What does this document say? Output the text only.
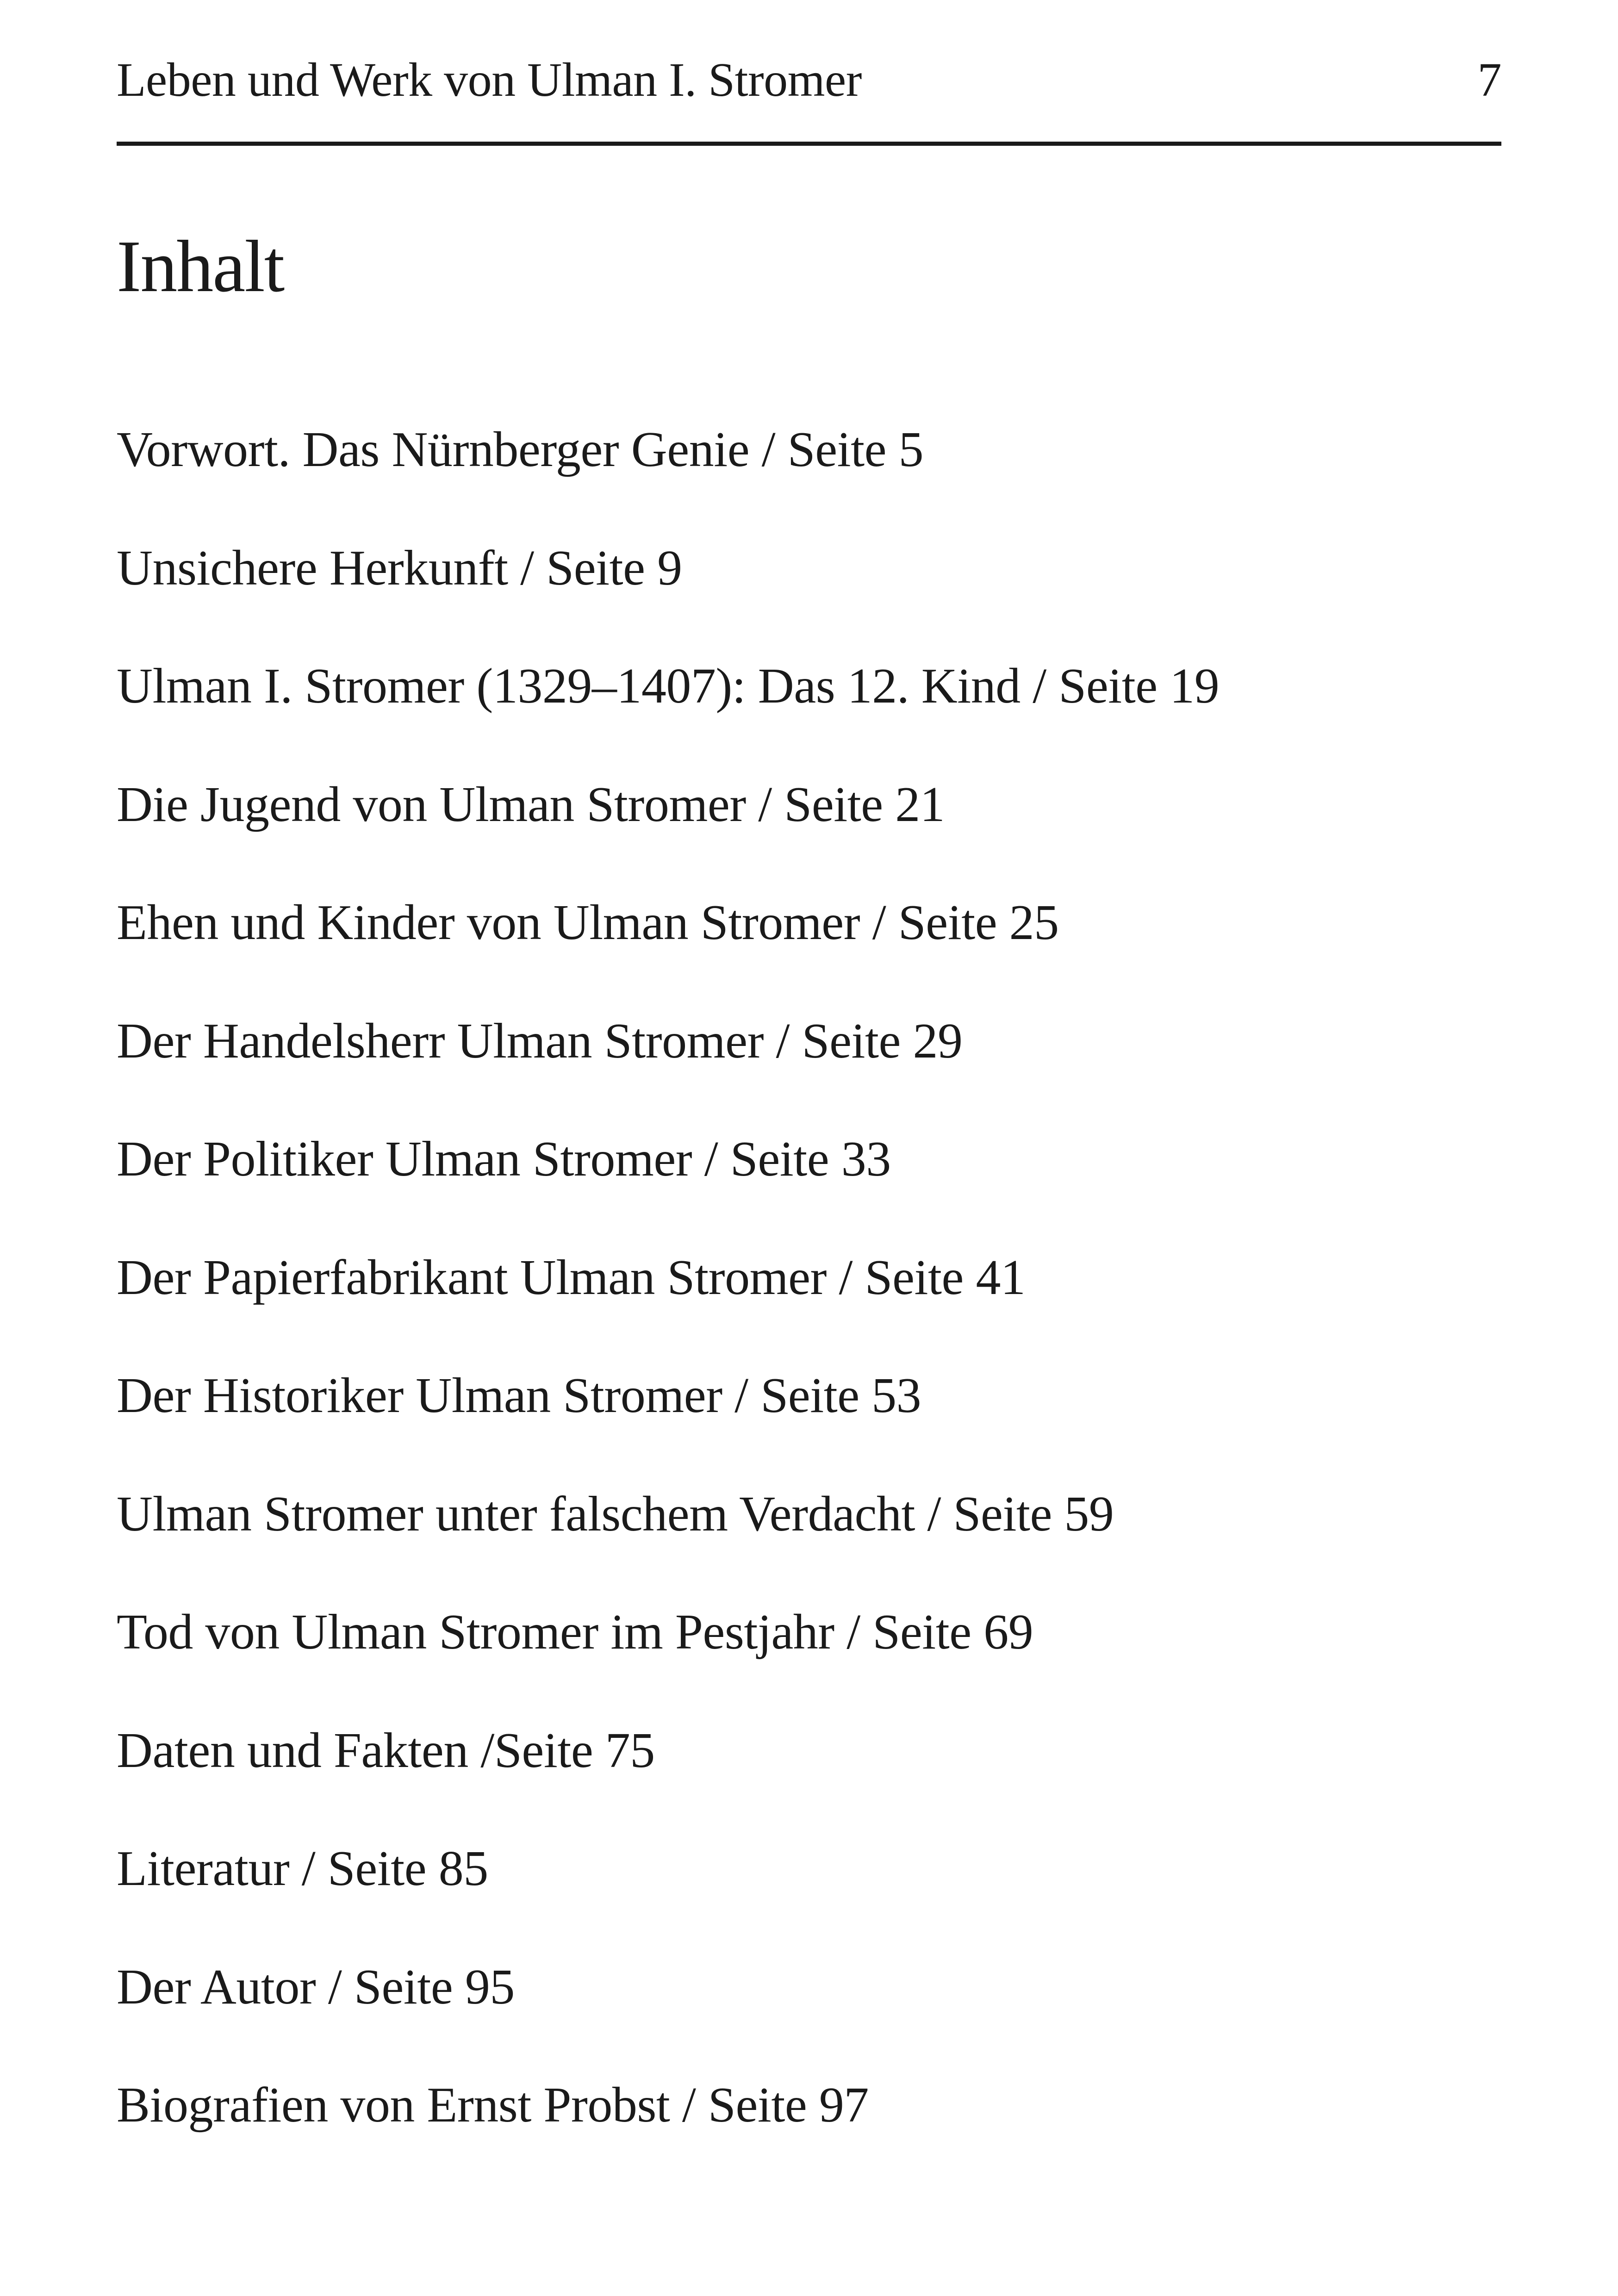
Leben und Werk von Ulman I. Stromer	7
Inhalt
Vorwort. Das Nürnberger Genie / Seite 5
Unsichere Herkunft / Seite 9
Ulman I. Stromer (1329–1407): Das 12. Kind / Seite 19
Die Jugend von Ulman Stromer / Seite 21
Ehen und Kinder von Ulman Stromer / Seite 25
Der Handelsherr Ulman Stromer / Seite 29
Der Politiker Ulman Stromer / Seite 33
Der Papierfabrikant Ulman Stromer / Seite 41
Der Historiker Ulman Stromer / Seite 53
Ulman Stromer unter falschem Verdacht / Seite 59
Tod von Ulman Stromer im Pestjahr / Seite 69
Daten und Fakten /Seite 75
Literatur / Seite 85
Der Autor / Seite 95
Biografien von Ernst Probst / Seite 97
